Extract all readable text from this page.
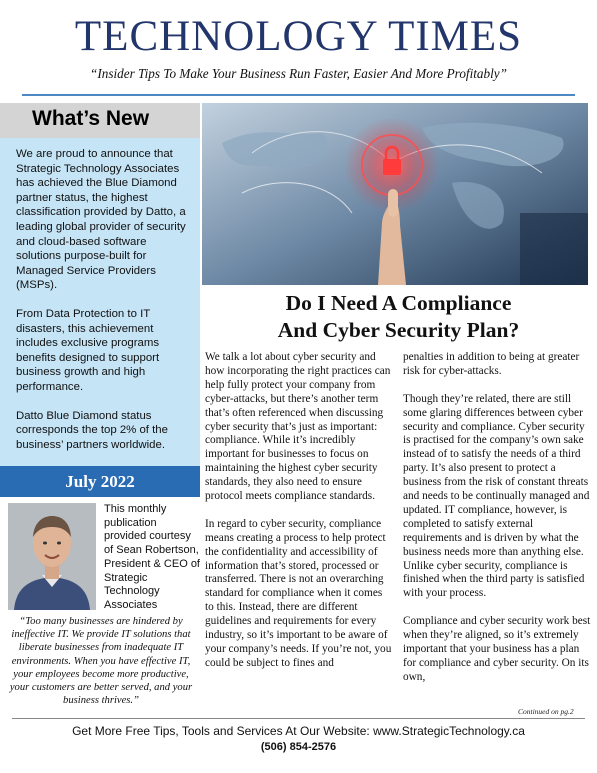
TECHNOLOGY TIMES
“Insider Tips To Make Your Business Run Faster, Easier And More Profitably”
What’s New

We are proud to announce that Strategic Technology Associates has achieved the Blue Diamond partner status, the highest classification provided by Datto, a leading global provider of security and cloud-based software solutions purpose-built for Managed Service Providers (MSPs).

From Data Protection to IT disasters, this achievement includes exclusive programs benefits designed to support business growth and high performance.

Datto Blue Diamond status corresponds the top 2% of the business’ partners worldwide.

July 2022
This monthly publication provided courtesy of Sean Robertson, President & CEO of Strategic Technology Associates
“Too many businesses are hindered by ineffective IT. We provide IT solutions that liberate businesses from inadequate IT environments. When you have effective IT, your employees become more productive, your customers are better served, and your business thrives.”
Do I Need A Compliance
And Cyber Security Plan?

We talk a lot about cyber security and how incorporating the right practices can help fully protect your company from cyber-attacks, but there’s another term that’s often referenced when discussing cyber security that’s just as important: compliance. While it’s incredibly important for businesses to focus on maintaining the highest cyber security standards, they also need to ensure protocol meets compliance standards.

In regard to cyber security, compliance means creating a process to help protect the confidentiality and accessibility of information that’s stored, processed or transferred. There is not an overarching standard for compliance when it comes to this. Instead, there are different guidelines and requirements for every industry, so it’s important to be aware of your company’s needs. If you’re not, you could be subject to fines and

penalties in addition to being at greater risk for cyber-attacks.

Though they’re related, there are still some glaring differences between cyber security and compliance. Cyber security is practised for the company’s own sake instead of to satisfy the needs of a third party. It’s also present to protect a business from the risk of constant threats and needs to be continually managed and updated. IT compliance, however, is completed to satisfy external requirements and is driven by what the business needs more than anything else. Unlike cyber security, compliance is finished when the third party is satisfied with your process.

Compliance and cyber security work best when they’re aligned, so it’s extremely important that your business has a plan for compliance and cyber security. On its own,

Continued on pg.2
Get More Free Tips, Tools and Services At Our Website: www.StrategicTechnology.ca
(506) 854-2576
